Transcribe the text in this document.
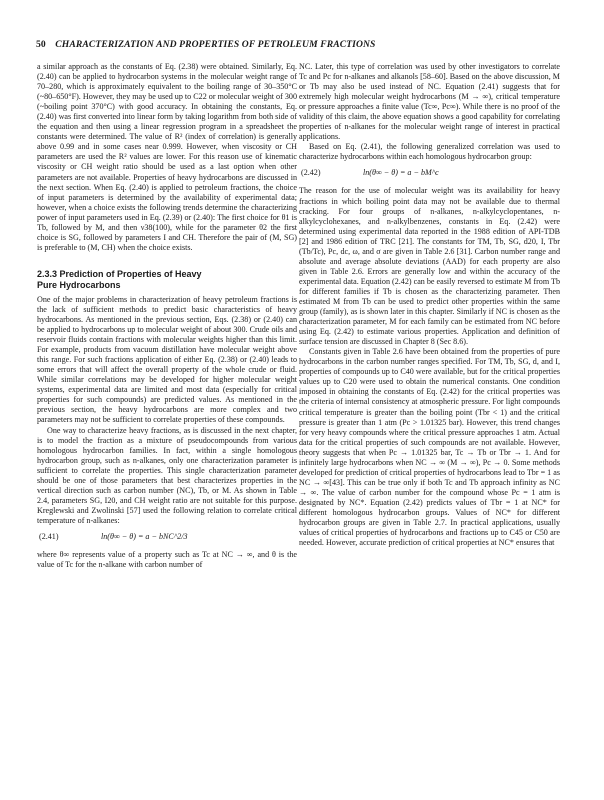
50 CHARACTERIZATION AND PROPERTIES OF PETROLEUM FRACTIONS

a similar approach as the constants of Eq. (2.38) were obtained. Similarly, Eq. (2.40) can be applied to hydrocarbon systems in the molecular weight range of 70–280, which is approximately equivalent to the boiling range of 30–350°C (~80–650°F). However, they may be used up to C22 or molecular weight of 300 (~boiling point 370°C) with good accuracy. In obtaining the constants, Eq. (2.40) was first converted into linear form by taking logarithm from both side of the equation and then using a linear regression program in a spreadsheet the constants were determined. The value of R² (index of correlation) is generally above 0.99 and in some cases near 0.999. However, when viscosity or CH parameters are used the R² values are lower. For this reason use of kinematic viscosity or CH weight ratio should be used as a last option when other parameters are not available. Properties of heavy hydrocarbons are discussed in the next section. When Eq. (2.40) is applied to petroleum fractions, the choice of input parameters is determined by the availability of experimental data; however, when a choice exists the following trends determine the characterizing power of input parameters used in Eq. (2.39) or (2.40): The first choice for θ1 is Tb, followed by M, and then ν38(100), while for the parameter θ2 the first choice is SG, followed by parameters I and CH. Therefore the pair of (M, SG) is preferable to (M, CH) when the choice exists.

2.3.3 Prediction of Properties of Heavy
Pure Hydrocarbons

One of the major problems in characterization of heavy petroleum fractions is the lack of sufficient methods to predict basic characteristics of heavy hydrocarbons. As mentioned in the previous section, Eqs. (2.38) or (2.40) can be applied to hydrocarbons up to molecular weight of about 300. Crude oils and reservoir fluids contain fractions with molecular weights higher than this limit. For example, products from vacuum distillation have molecular weight above this range. For such fractions application of either Eq. (2.38) or (2.40) leads to some errors that will affect the overall property of the whole crude or fluid. While similar correlations may be developed for higher molecular weight systems, experimental data are limited and most data (especially for critical properties for such compounds) are predicted values. As mentioned in the previous section, the heavy hydrocarbons are more complex and two parameters may not be sufficient to correlate properties of these compounds.

One way to characterize heavy fractions, as is discussed in the next chapter, is to model the fraction as a mixture of pseudocompounds from various homologous hydrocarbon families. In fact, within a single homologous hydrocarbon group, such as n-alkanes, only one characterization parameter is sufficient to correlate the properties. This single characterization parameter should be one of those parameters that best characterizes properties in the vertical direction such as carbon number (NC), Tb, or M. As shown in Table 2.4, parameters SG, I20, and CH weight ratio are not suitable for this purpose. Kreglewski and Zwolinski [57] used the following relation to correlate critical temperature of n-alkanes:

(2.41)	ln(θ∞ − θ) = a − bNC^2/3

where θ∞ represents value of a property such as Tc at NC → ∞, and θ is the value of Tc for the n-alkane with carbon number of

NC. Later, this type of correlation was used by other investigators to correlate Tc and Pc for n-alkanes and alkanols [58–60]. Based on the above discussion, M or Tb may also be used instead of NC. Equation (2.41) suggests that for extremely high molecular weight hydrocarbons (M → ∞), critical temperature or pressure approaches a finite value (Tc∞, Pc∞). While there is no proof of the validity of this claim, the above equation shows a good capability for correlating properties of n-alkanes for the molecular weight range of interest in practical applications.

Based on Eq. (2.41), the following generalized correlation was used to characterize hydrocarbons within each homologous hydrocarbon group:

(2.42)	ln(θ∞ − θ) = a − bM^c

The reason for the use of molecular weight was its availability for heavy fractions in which boiling point data may not be available due to thermal cracking. For four groups of n-alkanes, n-alkylcyclopentanes, n-alkylcyclohexanes, and n-alkylbenzenes, constants in Eq. (2.42) were determined using experimental data reported in the 1988 edition of API-TDB [2] and 1986 edition of TRC [21]. The constants for TM, Tb, SG, d20, I, Tbr (Tb/Tc), Pc, dc, ω, and σ are given in Table 2.6 [31]. Carbon number range and absolute and average absolute deviations (AAD) for each property are also given in Table 2.6. Errors are generally low and within the accuracy of the experimental data. Equation (2.42) can be easily reversed to estimate M from Tb for different families if Tb is chosen as the characterizing parameter. Then estimated M from Tb can be used to predict other properties within the same group (family), as is shown later in this chapter. Similarly if NC is chosen as the characterization parameter, M for each family can be estimated from NC before using Eq. (2.42) to estimate various properties. Application and definition of surface tension are discussed in Chapter 8 (Sec 8.6).

Constants given in Table 2.6 have been obtained from the properties of pure hydrocarbons in the carbon number ranges specified. For TM, Tb, SG, d, and I, properties of compounds up to C40 were available, but for the critical properties values up to C20 were used to obtain the numerical constants. One condition imposed in obtaining the constants of Eq. (2.42) for the critical properties was the criteria of internal consistency at atmospheric pressure. For light compounds critical temperature is greater than the boiling point (Tbr < 1) and the critical pressure is greater than 1 atm (Pc > 1.01325 bar). However, this trend changes for very heavy compounds where the critical pressure approaches 1 atm. Actual data for the critical properties of such compounds are not available. However, theory suggests that when Pc → 1.01325 bar, Tc → Tb or Tbr → 1. And for infinitely large hydrocarbons when NC → ∞ (M → ∞), Pc → 0. Some methods developed for prediction of critical properties of hydrocarbons lead to Tbr = 1 as NC → ∞[43]. This can be true only if both Tc and Tb approach infinity as NC → ∞. The value of carbon number for the compound whose Pc = 1 atm is designated by NC*. Equation (2.42) predicts values of Tbr = 1 at NC* for different homologous hydrocarbon groups. Values of NC* for different hydrocarbon groups are given in Table 2.7. In practical applications, usually values of critical properties of hydrocarbons and fractions up to C45 or C50 are needed. However, accurate prediction of critical properties at NC* ensures that
